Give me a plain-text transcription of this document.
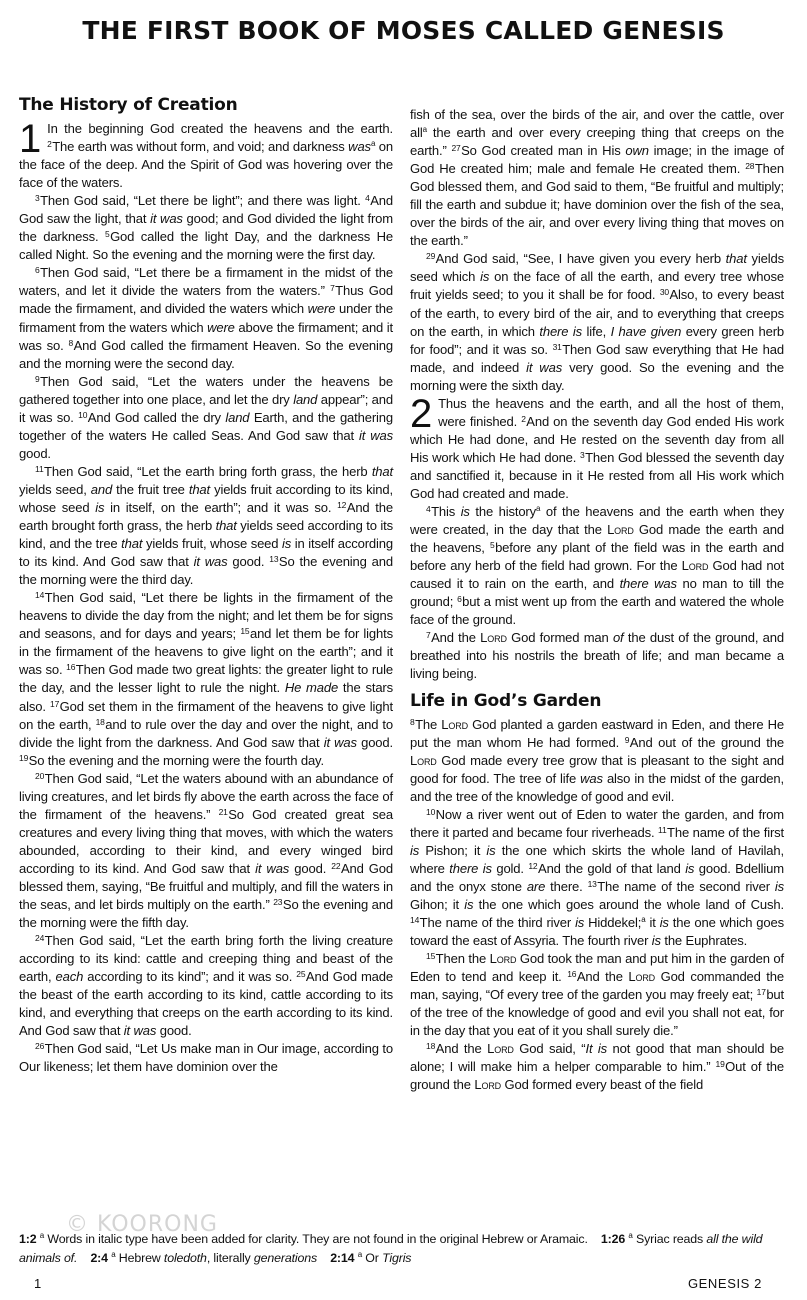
THE FIRST BOOK OF MOSES CALLED GENESIS
The History of Creation
1 In the beginning God created the heavens and the earth. $^2$The earth was without form, and void; and darkness was$^a$ on the face of the deep. And the Spirit of God was hovering over the face of the waters.

$^3$Then God said, “Let there be light”; and there was light. $^4$And God saw the light, that it was good; and God divided the light from the darkness. $^5$God called the light Day, and the darkness He called Night. So the evening and the morning were the first day.

$^6$Then God said, “Let there be a firmament in the midst of the waters, and let it divide the waters from the waters.” $^7$Thus God made the firmament, and divided the waters which were under the firmament from the waters which were above the firmament; and it was so. $^8$And God called the firmament Heaven. So the evening and the morning were the second day.

$^9$Then God said, “Let the waters under the heavens be gathered together into one place, and let the dry land appear”; and it was so. $^{10}$And God called the dry land Earth, and the gathering together of the waters He called Seas. And God saw that it was good.

$^{11}$Then God said, “Let the earth bring forth grass, the herb that yields seed, and the fruit tree that yields fruit according to its kind, whose seed is in itself, on the earth”; and it was so. $^{12}$And the earth brought forth grass, the herb that yields seed according to its kind, and the tree that yields fruit, whose seed is in itself according to its kind. And God saw that it was good. $^{13}$So the evening and the morning were the third day.

$^{14}$Then God said, “Let there be lights in the firmament of the heavens to divide the day from the night; and let them be for signs and seasons, and for days and years; $^{15}$and let them be for lights in the firmament of the heavens to give light on the earth”; and it was so. $^{16}$Then God made two great lights: the greater light to rule the day, and the lesser light to rule the night. He made the stars also. $^{17}$God set them in the firmament of the heavens to give light on the earth, $^{18}$and to rule over the day and over the night, and to divide the light from the darkness. And God saw that it was good. $^{19}$So the evening and the morning were the fourth day.

$^{20}$Then God said, “Let the waters abound with an abundance of living creatures, and let birds fly above the earth across the face of the firmament of the heavens.” $^{21}$So God created great sea creatures and every living thing that moves, with which the waters abounded, according to their kind, and every winged bird according to its kind. And God saw that it was good. $^{22}$And God blessed them, saying, “Be fruitful and multiply, and fill the waters in the seas, and let birds multiply on the earth.” $^{23}$So the evening and the morning were the fifth day.

$^{24}$Then God said, “Let the earth bring forth the living creature according to its kind: cattle and creeping thing and beast of the earth, each according to its kind”; and it was so. $^{25}$And God made the beast of the earth according to its kind, cattle according to its kind, and everything that creeps on the earth according to its kind. And God saw that it was good.

$^{26}$Then God said, “Let Us make man in Our image, according to Our likeness; let them have dominion over the

fish of the sea, over the birds of the air, and over the cattle, over all$^a$ the earth and over every creeping thing that creeps on the earth.” $^{27}$So God created man in His own image; in the image of God He created him; male and female He created them. $^{28}$Then God blessed them, and God said to them, “Be fruitful and multiply; fill the earth and subdue it; have dominion over the fish of the sea, over the birds of the air, and over every living thing that moves on the earth.”

$^{29}$And God said, “See, I have given you every herb that yields seed which is on the face of all the earth, and every tree whose fruit yields seed; to you it shall be for food. $^{30}$Also, to every beast of the earth, to every bird of the air, and to everything that creeps on the earth, in which there is life, I have given every green herb for food”; and it was so. $^{31}$Then God saw everything that He had made, and indeed it was very good. So the evening and the morning were the sixth day.

2 Thus the heavens and the earth, and all the host of them, were finished. $^2$And on the seventh day God ended His work which He had done, and He rested on the seventh day from all His work which He had done. $^3$Then God blessed the seventh day and sanctified it, because in it He rested from all His work which God had created and made.

$^4$This is the history$^a$ of the heavens and the earth when they were created, in the day that the Lord God made the earth and the heavens, $^5$before any plant of the field was in the earth and before any herb of the field had grown. For the Lord God had not caused it to rain on the earth, and there was no man to till the ground; $^6$but a mist went up from the earth and watered the whole face of the ground.

$^7$And the Lord God formed man of the dust of the ground, and breathed into his nostrils the breath of life; and man became a living being.

Life in God’s Garden

$^8$The Lord God planted a garden eastward in Eden, and there He put the man whom He had formed. $^9$And out of the ground the Lord God made every tree grow that is pleasant to the sight and good for food. The tree of life was also in the midst of the garden, and the tree of the knowledge of good and evil.

$^{10}$Now a river went out of Eden to water the garden, and from there it parted and became four riverheads. $^{11}$The name of the first is Pishon; it is the one which skirts the whole land of Havilah, where there is gold. $^{12}$And the gold of that land is good. Bdellium and the onyx stone are there. $^{13}$The name of the second river is Gihon; it is the one which goes around the whole land of Cush. $^{14}$The name of the third river is Hiddekel;$^a$ it is the one which goes toward the east of Assyria. The fourth river is the Euphrates.

$^{15}$Then the Lord God took the man and put him in the garden of Eden to tend and keep it. $^{16}$And the Lord God commanded the man, saying, “Of every tree of the garden you may freely eat; $^{17}$but of the tree of the knowledge of good and evil you shall not eat, for in the day that you eat of it you shall surely die.”

$^{18}$And the Lord God said, “It is not good that man should be alone; I will make him a helper comparable to him.” $^{19}$Out of the ground the Lord God formed every beast of the field

© KOORONG
1:2 $^a$ Words in italic type have been added for clarity. They are not found in the original Hebrew or Aramaic. 1:26 $^a$ Syriac reads all the wild animals of. 2:4 $^a$ Hebrew toledoth, literally generations 2:14 $^a$ Or Tigris
1	GENESIS 2
